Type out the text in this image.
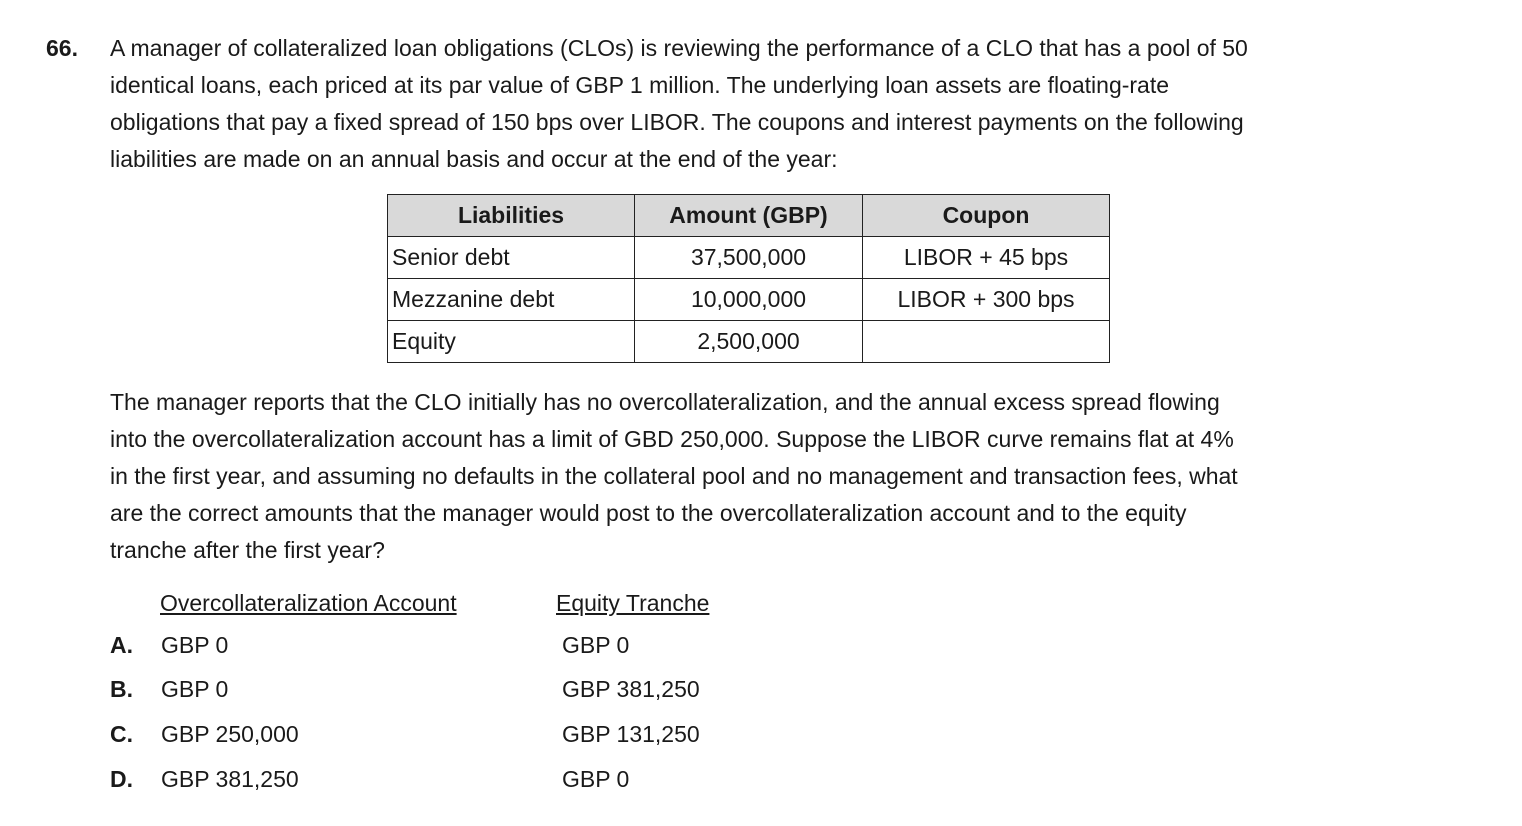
66. A manager of collateralized loan obligations (CLOs) is reviewing the performance of a CLO that has a pool of 50
identical loans, each priced at its par value of GBP 1 million. The underlying loan assets are floating-rate
obligations that pay a fixed spread of 150 bps over LIBOR. The coupons and interest payments on the following
liabilities are made on an annual basis and occur at the end of the year:

Liabilities	Amount (GBP)	Coupon
Senior debt	37,500,000	LIBOR + 45 bps
Mezzanine debt	10,000,000	LIBOR + 300 bps
Equity	2,500,000	

The manager reports that the CLO initially has no overcollateralization, and the annual excess spread flowing
into the overcollateralization account has a limit of GBD 250,000. Suppose the LIBOR curve remains flat at 4%
in the first year, and assuming no defaults in the collateral pool and no management and transaction fees, what
are the correct amounts that the manager would post to the overcollateralization account and to the equity
tranche after the first year?

Overcollateralization Account	Equity Tranche
A. GBP 0	GBP 0
B. GBP 0	GBP 381,250
C. GBP 250,000	GBP 131,250
D. GBP 381,250	GBP 0
